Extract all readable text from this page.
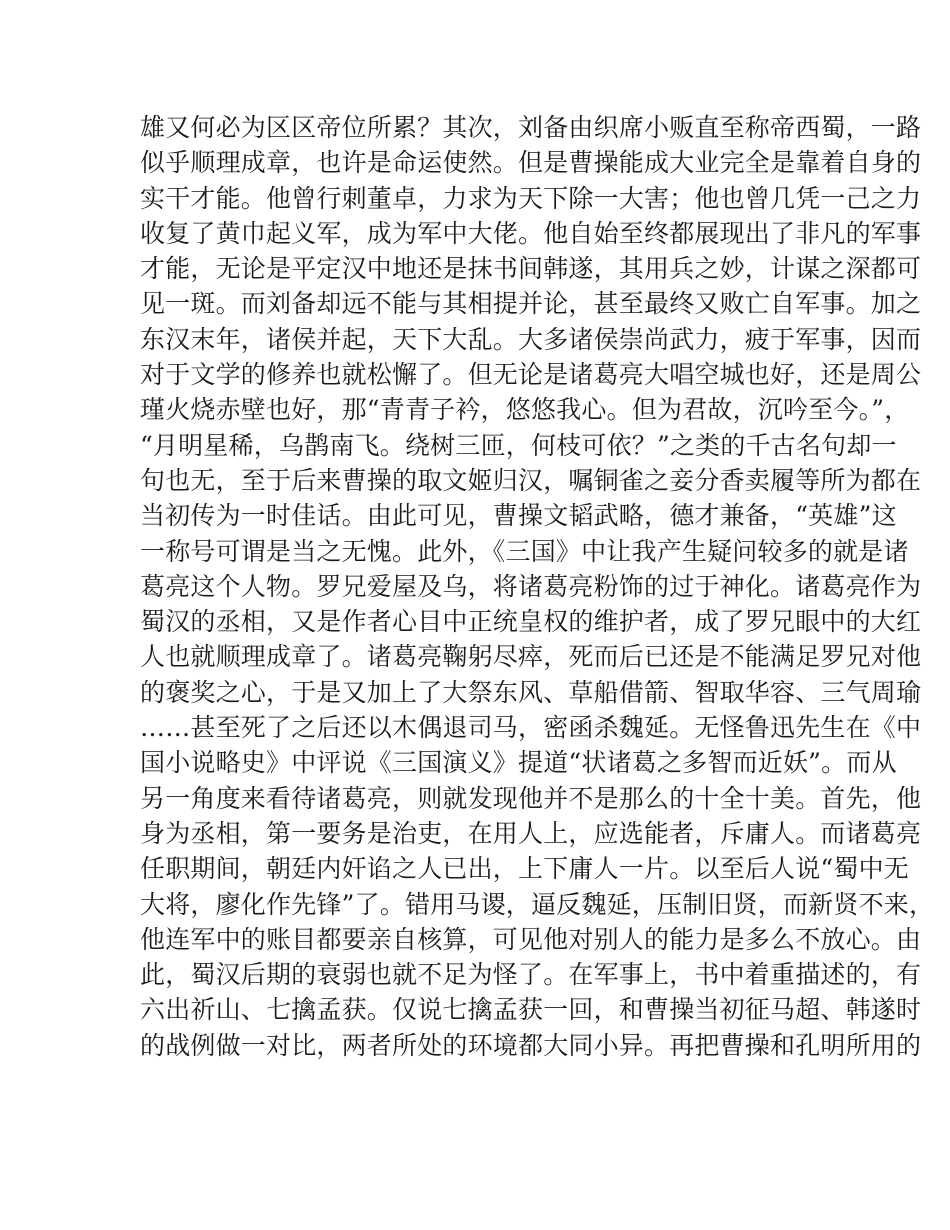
雄又何必为区区帝位所累？其次，刘备由织席小贩直至称帝西蜀，一路
似乎顺理成章，也许是命运使然。但是曹操能成大业完全是靠着自身的
实干才能。他曾行刺董卓，力求为天下除一大害；他也曾几凭一己之力
收复了黄巾起义军，成为军中大佬。他自始至终都展现出了非凡的军事
才能，无论是平定汉中地还是抹书间韩遂，其用兵之妙，计谋之深都可
见一斑。而刘备却远不能与其相提并论，甚至最终又败亡自军事。加之
东汉末年，诸侯并起，天下大乱。大多诸侯崇尚武力，疲于军事，因而
对于文学的修养也就松懈了。但无论是诸葛亮大唱空城也好，还是周公
瑾火烧赤壁也好，那“青青子衿，悠悠我心。但为君故，沉吟至今。”，
“月明星稀，乌鹊南飞。绕树三匝，何枝可依？”之类的千古名句却一
句也无，至于后来曹操的取文姬归汉，嘱铜雀之妾分香卖履等所为都在
当初传为一时佳话。由此可见，曹操文韬武略，德才兼备，“英雄”这
一称号可谓是当之无愧。此外，《三国》中让我产生疑问较多的就是诸
葛亮这个人物。罗兄爱屋及乌，将诸葛亮粉饰的过于神化。诸葛亮作为
蜀汉的丞相，又是作者心目中正统皇权的维护者，成了罗兄眼中的大红
人也就顺理成章了。诸葛亮鞠躬尽瘁，死而后已还是不能满足罗兄对他
的褒奖之心，于是又加上了大祭东风、草船借箭、智取华容、三气周瑜
……甚至死了之后还以木偶退司马，密函杀魏延。无怪鲁迅先生在《中
国小说略史》中评说《三国演义》提道“状诸葛之多智而近妖”。而从
另一角度来看待诸葛亮，则就发现他并不是那么的十全十美。首先，他
身为丞相，第一要务是治吏，在用人上，应选能者，斥庸人。而诸葛亮
任职期间，朝廷内奸谄之人已出，上下庸人一片。以至后人说“蜀中无
大将，廖化作先锋”了。错用马谡，逼反魏延，压制旧贤，而新贤不来，
他连军中的账目都要亲自核算，可见他对别人的能力是多么不放心。由
此，蜀汉后期的衰弱也就不足为怪了。在军事上，书中着重描述的，有
六出祈山、七擒孟获。仅说七擒孟获一回，和曹操当初征马超、韩遂时
的战例做一对比，两者所处的环境都大同小异。再把曹操和孔明所用的
